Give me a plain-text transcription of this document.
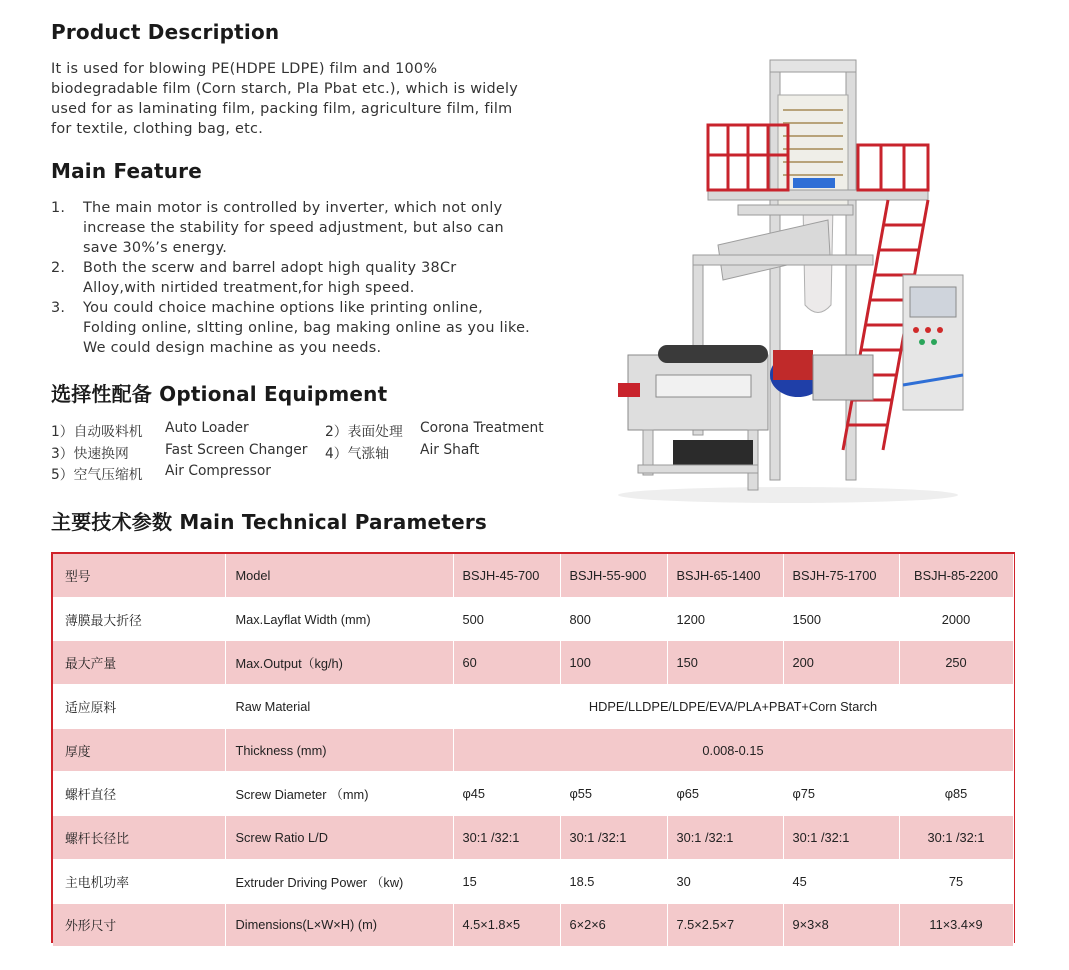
Product Description
It is used for blowing PE(HDPE LDPE) film and 100%
biodegradable film (Corn starch, Pla Pbat etc.), which is widely
used for as laminating film, packing film, agriculture film, film
for textile, clothing bag, etc.
Main Feature
1. The main motor is controlled by inverter, which not only
increase the stability for speed adjustment, but also can
save 30%’s energy.
2. Both the scerw and barrel adopt high quality 38Cr
Alloy,with nirtided treatment,for high speed.
3. You could choice machine options like printing online,
Folding online, sltting online, bag making online as you like.
We could design machine as you needs.
选择性配备 Optional Equipment
1）自动吸料机 Auto Loader	2）表面处理 Corona Treatment
3）快速换网	Fast Screen Changer 4）气涨轴 Air Shaft
5）空气压缩机 Air Compressor
主要技术参数 Main Technical Parameters
型号	Model	BSJH-45-700	BSJH-55-900	BSJH-65-1400	BSJH-75-1700	BSJH-85-2200
薄膜最大折径	Max.Layflat Width (mm)	500	800	1200	1500	2000
最大产量	Max.Output（kg/h)	60	100	150	200	250
适应原料	Raw Material	HDPE/LLDPE/LDPE/EVA/PLA+PBAT+Corn Starch				
厚度	Thickness (mm)	0.008-0.15				
螺杆直径	Screw Diameter （mm)	φ45	φ55	φ65	φ75	φ85
螺杆长径比	Screw Ratio L/D	30:1 /32:1	30:1 /32:1	30:1 /32:1	30:1 /32:1	30:1 /32:1
主电机功率	Extruder Driving Power （kw)	15	18.5	30	45	75
外形尺寸	Dimensions(L×W×H) (m)	4.5×1.8×5	6×2×6	7.5×2.5×7	9×3×8	11×3.4×9
